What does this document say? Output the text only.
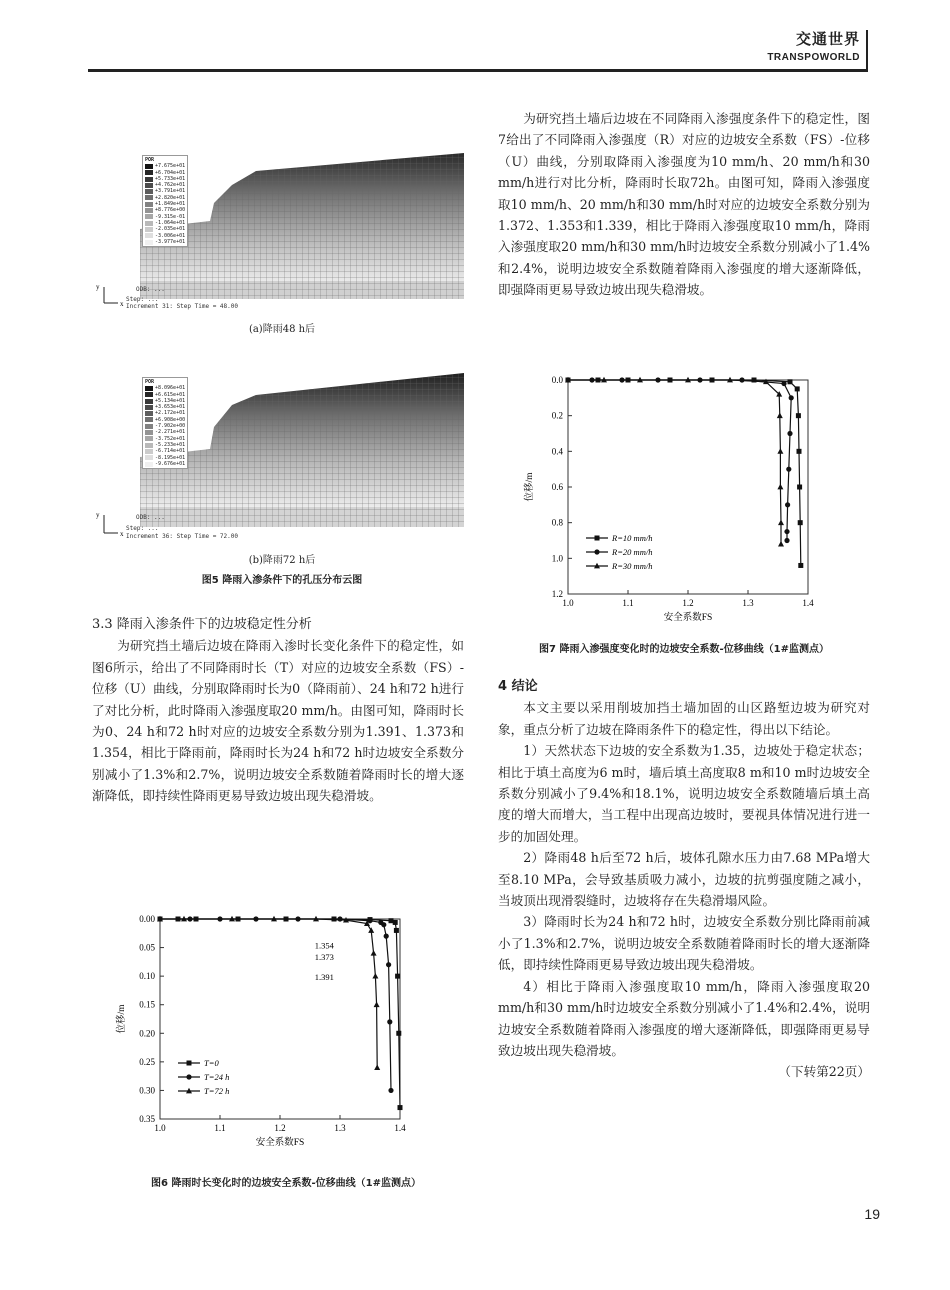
交通世界
TRANSPOWORLD
y
x
POR
+7.675e+01
+6.704e+01
+5.733e+01
+4.762e+01
+3.791e+01
+2.820e+01
+1.849e+01
+8.776e+00
-9.315e-01
-1.064e+01
-2.035e+01
-3.006e+01
-3.977e+01
ODB: ...
Step: ...
Increment 31: Step Time = 48.00
(a)降雨48 h后
y
x
POR
+8.096e+01
+6.615e+01
+5.134e+01
+3.653e+01
+2.172e+01
+6.908e+00
-7.902e+00
-2.271e+01
-3.752e+01
-5.233e+01
-6.714e+01
-8.195e+01
-9.676e+01
ODB: ...
Step: ...
Increment 36: Step Time = 72.00
(b)降雨72 h后
图5 降雨入渗条件下的孔压分布云图

3.3 降雨入渗条件下的边坡稳定性分析

为研究挡土墙后边坡在降雨入渗时长变化条件下的稳定性，如图6所示，给出了不同降雨时长（T）对应的边坡安全系数（FS）-位移（U）曲线，分别取降雨时长为0（降雨前）、24 h和72 h进行了对比分析，此时降雨入渗强度取20 mm/h。由图可知，降雨时长为0、24 h和72 h时对应的边坡安全系数分别为1.391、1.373和1.354，相比于降雨前，降雨时长为24 h和72 h时边坡安全系数分别减小了1.3%和2.7%，说明边坡安全系数随着降雨时长的增大逐渐降低，即持续性降雨更易导致边坡出现失稳滑坡。

1.0	1.1	1.2	1.3	1.4
0.00
0.05
0.10
0.15
0.20
0.25
0.30
0.35
安全系数FS
位移/m
T=0
T=24 h
T=72 h
1.354
1.373
1.391
图6 降雨时长变化时的边坡安全系数-位移曲线（1#监测点）

为研究挡土墙后边坡在不同降雨入渗强度条件下的稳定性，图7给出了不同降雨入渗强度（R）对应的边坡安全系数（FS）-位移（U）曲线，分别取降雨入渗强度为10 mm/h、20 mm/h和30 mm/h进行对比分析，降雨时长取72h。由图可知，降雨入渗强度取10 mm/h、20 mm/h和30 mm/h时对应的边坡安全系数分别为1.372、1.353和1.339，相比于降雨入渗强度取10 mm/h，降雨入渗强度取20 mm/h和30 mm/h时边坡安全系数分别减小了1.4%和2.4%，说明边坡安全系数随着降雨入渗强度的增大逐渐降低，即强降雨更易导致边坡出现失稳滑坡。

1.0	1.1	1.2	1.3	1.4
0.0
0.2
0.4
0.6
0.8
1.0
1.2
安全系数FS
位移/m
R=10 mm/h
R=20 mm/h
R=30 mm/h
图7 降雨入渗强度变化时的边坡安全系数-位移曲线（1#监测点）

4 结论

本文主要以采用削坡加挡土墙加固的山区路堑边坡为研究对象，重点分析了边坡在降雨条件下的稳定性，得出以下结论。

1）天然状态下边坡的安全系数为1.35，边坡处于稳定状态；相比于填土高度为6 m时，墙后填土高度取8 m和10 m时边坡安全系数分别减小了9.4%和18.1%，说明边坡安全系数随墙后填土高度的增大而增大，当工程中出现高边坡时，要视具体情况进行进一步的加固处理。

2）降雨48 h后至72 h后，坡体孔隙水压力由7.68 MPa增大至8.10 MPa，会导致基质吸力减小，边坡的抗剪强度随之减小，当坡顶出现滑裂缝时，边坡将存在失稳滑塌风险。

3）降雨时长为24 h和72 h时，边坡安全系数分别比降雨前减小了1.3%和2.7%，说明边坡安全系数随着降雨时长的增大逐渐降低，即持续性降雨更易导致边坡出现失稳滑坡。

4）相比于降雨入渗强度取10 mm/h，降雨入渗强度取20 mm/h和30 mm/h时边坡安全系数分别减小了1.4%和2.4%，说明边坡安全系数随着降雨入渗强度的增大逐渐降低，即强降雨更易导致边坡出现失稳滑坡。

（下转第22页）

19
